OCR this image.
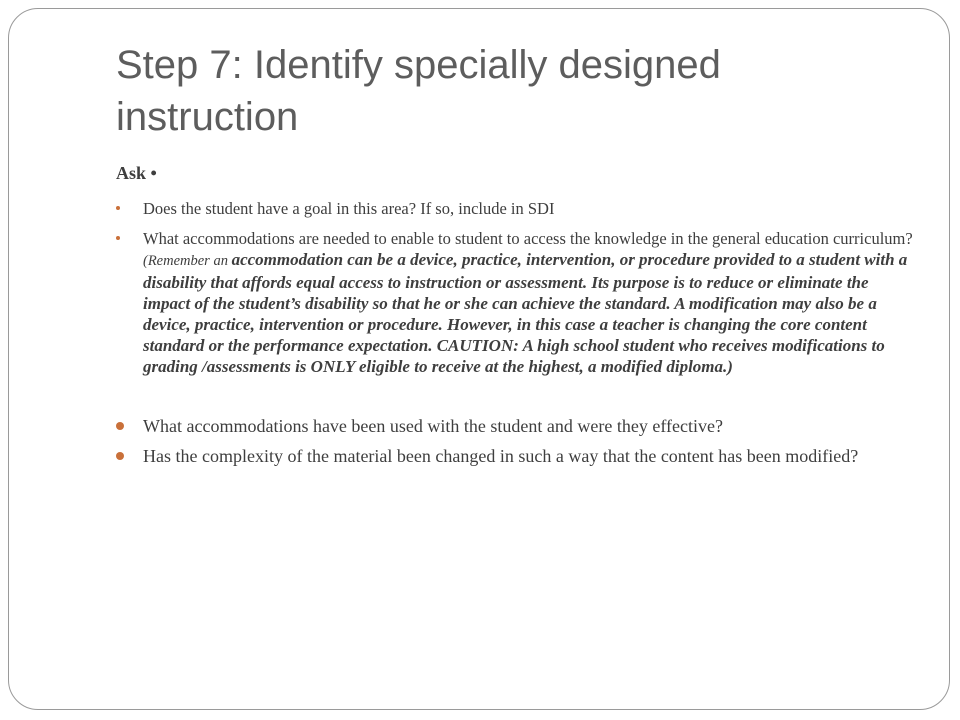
Step 7: Identify specially designed instruction
Ask •
Does the student have a goal in this area? If so, include in SDI
What accommodations are needed to enable to student to access the knowledge in the general education curriculum? (Remember an accommodation can be a device, practice, intervention, or procedure provided to a student with a disability that affords equal access to instruction or assessment. Its purpose is to reduce or eliminate the impact of the student’s disability so that he or she can achieve the standard. A modification may also be a device, practice, intervention or procedure. However, in this case a teacher is changing the core content standard or the performance expectation. CAUTION: A high school student who receives modifications to grading /assessments is ONLY eligible to receive at the highest, a modified diploma.)
What accommodations have been used with the student and were they effective?
Has the complexity of the material been changed in such a way that the content has been modified?
